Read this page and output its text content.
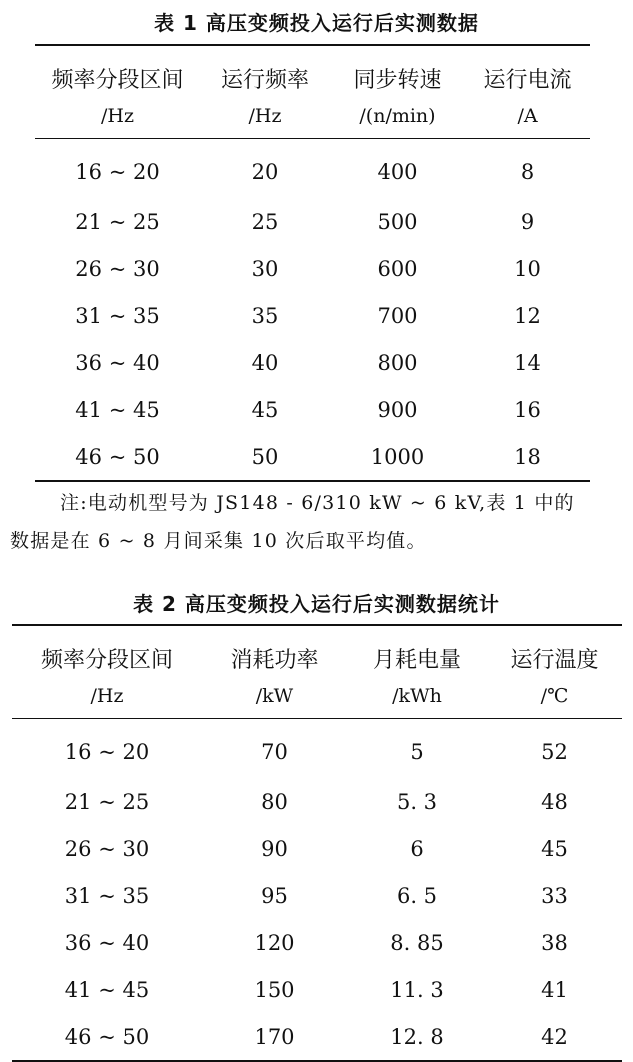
表 1 高压变频投入运行后实测数据
频率分段区间	运行频率	同步转速	运行电流
/Hz	/Hz	/(n/min)	/A
16 ~ 20	20	400	8
21 ~ 25	25	500	9
26 ~ 30	30	600	10
31 ~ 35	35	700	12
36 ~ 40	40	800	14
41 ~ 45	45	900	16
46 ~ 50	50	1000	18
注:电动机型号为 JS148 - 6/310 kW ~ 6 kV,表 1 中的
数据是在 6 ~ 8 月间采集 10 次后取平均值。
表 2 高压变频投入运行后实测数据统计
频率分段区间	消耗功率	月耗电量	运行温度
/Hz	/kW	/kWh	/℃
16 ~ 20	70	5	52
21 ~ 25	80	5. 3	48
26 ~ 30	90	6	45
31 ~ 35	95	6. 5	33
36 ~ 40	120	8. 85	38
41 ~ 45	150	11. 3	41
46 ~ 50	170	12. 8	42
